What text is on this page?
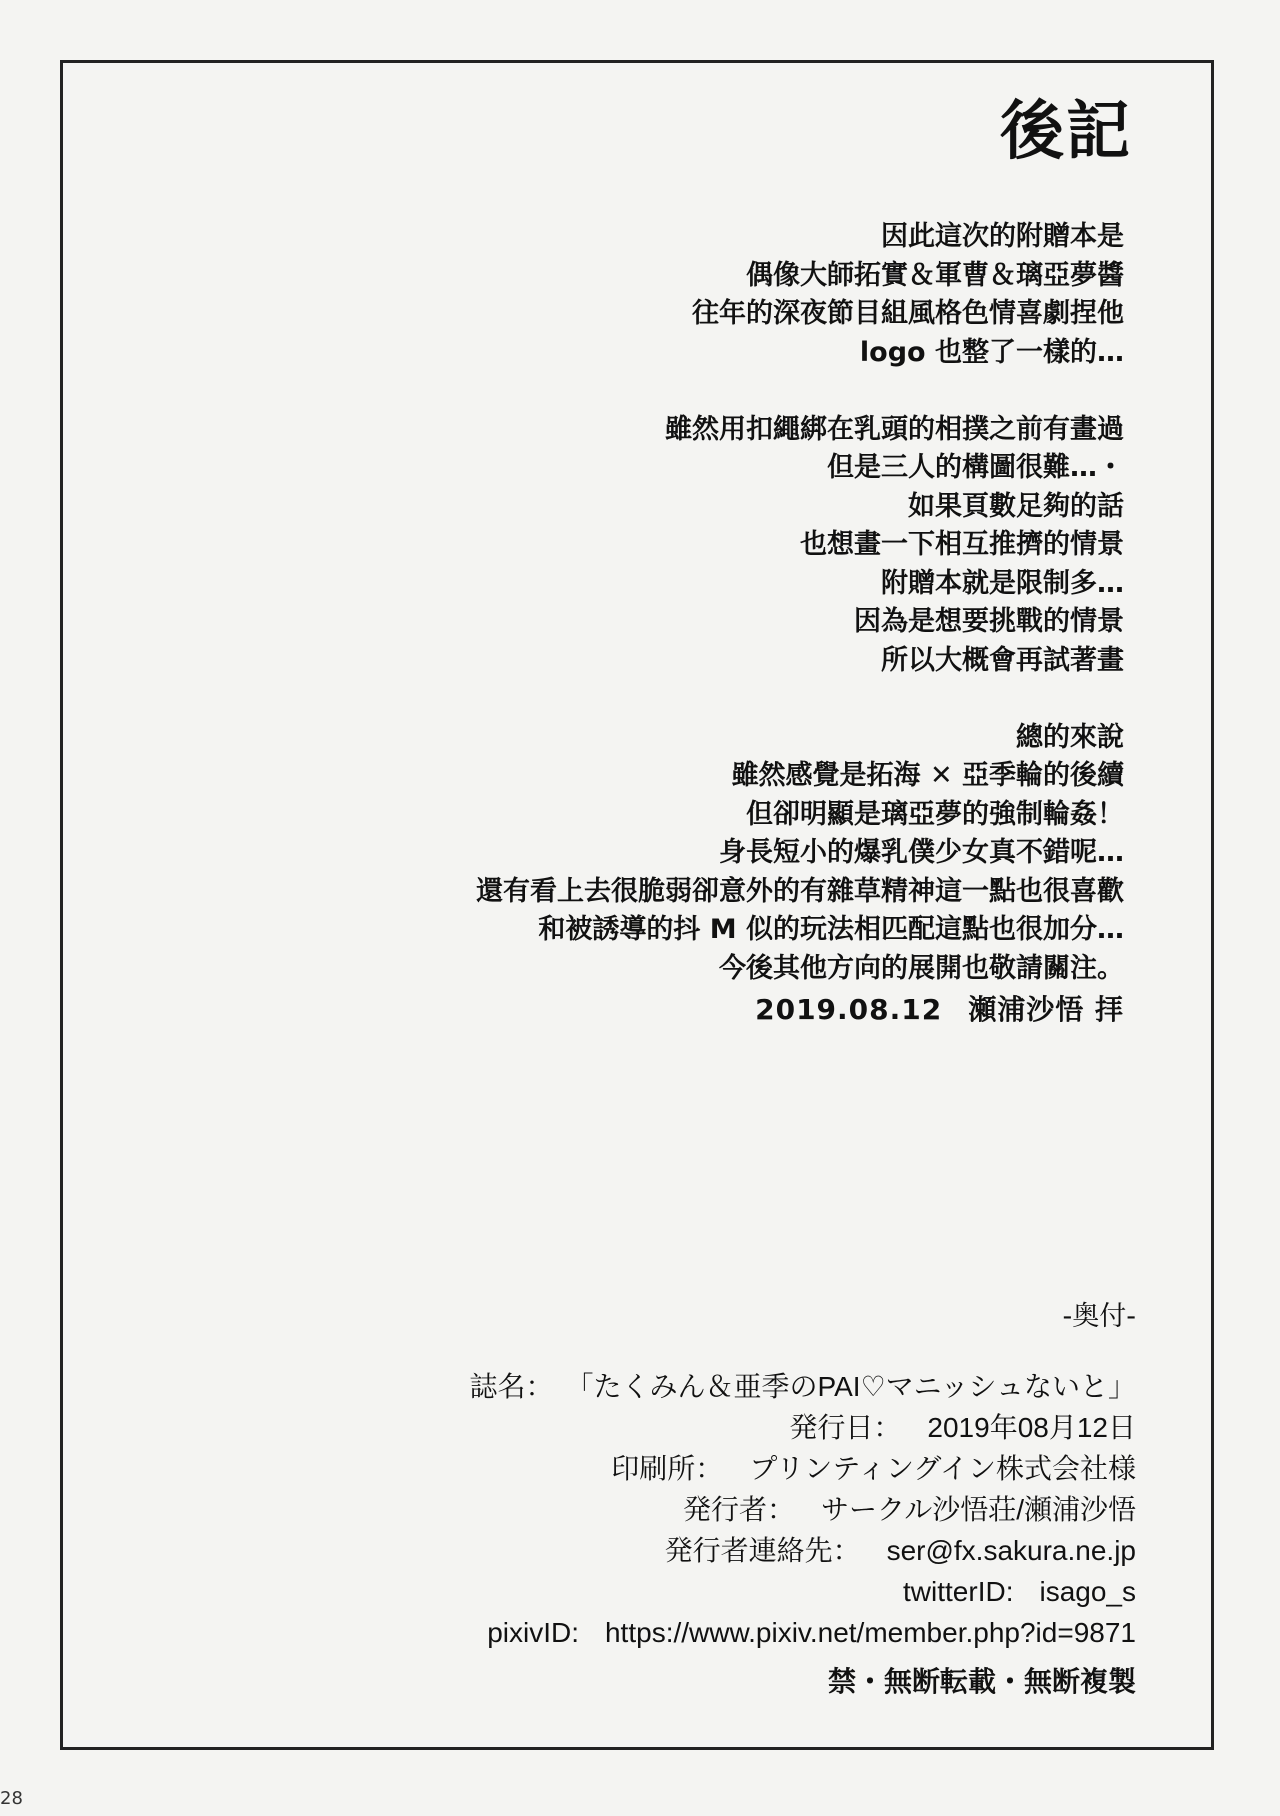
後記
因此這次的附贈本是
偶像大師拓實＆軍曹＆璃亞夢醬
往年的深夜節目組風格色情喜劇捏他
logo 也整了一樣的…
雖然用扣繩綁在乳頭的相撲之前有畫過
但是三人的構圖很難…・
如果頁數足夠的話
也想畫一下相互推擠的情景
附贈本就是限制多…
因為是想要挑戰的情景
所以大概會再試著畫
總的來說
雖然感覺是拓海 ✕ 亞季輪的後續
但卻明顯是璃亞夢的強制輪姦！
身長短小的爆乳僕少女真不錯呢…
還有看上去很脆弱卻意外的有雜草精神這一點也很喜歡
和被誘導的抖 M 似的玩法相匹配這點也很加分…
今後其他方向的展開也敬請關注。
2019.08.12 瀬浦沙悟 拝
-奥付-
誌名： 「たくみん＆亜季のPAI♡マニッシュないと」
発行日： 2019年08月12日
印刷所： プリンティングイン株式会社様
発行者： サークル沙悟荘/瀬浦沙悟
発行者連絡先： ser@fx.sakura.ne.jp
twitterID: isago_s
pixivID: https://www.pixiv.net/member.php?id=9871
禁・無断転載・無断複製
28
